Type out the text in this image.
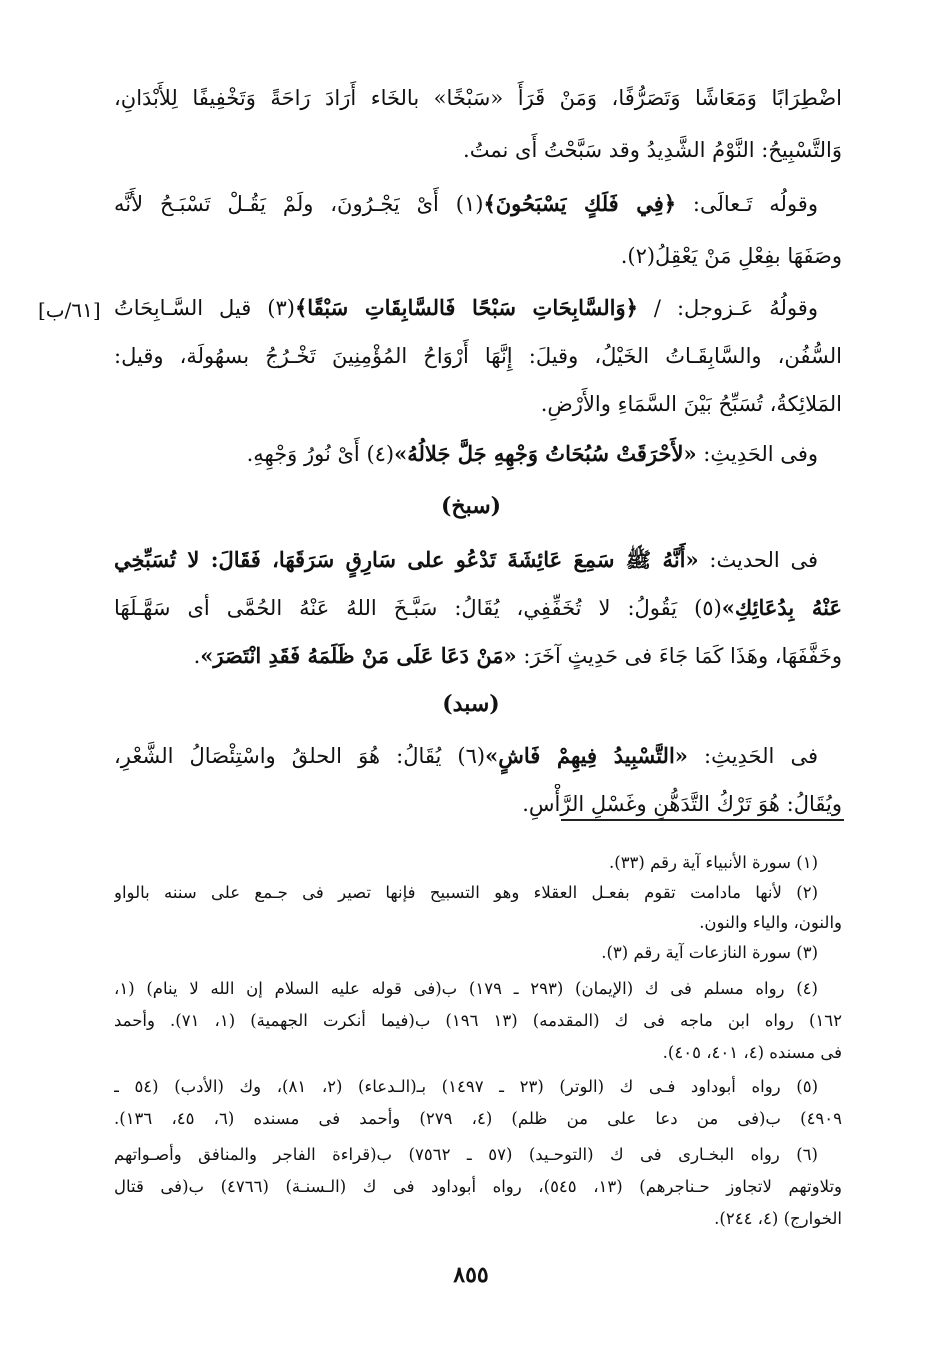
اضْطِرَابًا وَمَعَاشًا وَتَصَرُّفًا، وَمَنْ قَرَأَ «سَبْخًا» بالخَاء أَرَادَ رَاحَةً وَتَخْفِيفًا لِلأَبْدَانِ،
وَالتَّسْبِيحُ: النَّوْمُ الشَّدِيدُ وقد سَبَّحْتُ أَى نمتُ.
وقولُه تَـعالَى: ﴿فِي فَلَكٍ يَسْبَحُونَ﴾(١) أَىْ يَجْـرُونَ، ولَمْ يَقُـلْ تَسْبَـحُ لأَنَّه
وصَفَهَا بفِعْلِ مَنْ يَعْقِلُ(٢).
وقولُهُ عَـزوجل: / ﴿وَالسَّابِحَاتِ سَبْحًا فَالسَّابِقَاتِ سَبْقًا﴾(٣) قيل السَّـابِحَاتُ
[٦١/ب]
السُّفُن، والسَّابِقَـاتُ الخَيْلُ، وقيلَ: إِنَّهَا أَرْوَاحُ المُؤْمِنِينَ تَخْـرُجُ بسهُولَة، وقيل:
المَلائِكةُ، تُسَبِّحُ بَيْنَ السَّمَاءِ والأَرْضِ.
وفى الحَدِيثِ: «لأَحْرَقَتْ سُبُحَاتُ وَجْهِهِ جَلَّ جَلالُهُ»(٤) أَىْ نُورُ وَجْهِهِ.
(سبخ)
فى الحديث: «أَنَّهُ ﷺ سَمِعَ عَائِشَةَ تَدْعُو على سَارِقٍ سَرَقَهَا، فَقَالَ: لا تُسَبِّخِي
عَنْهُ بِدُعَائِكِ»(٥) يَقُولُ: لا تُخَفِّفِي، يُقَالُ: سَبَّـخَ اللهُ عَنْهُ الحُمَّى أى سَهَّـلَهَا
وخَفَّفَهَا، وهَذَا كَمَا جَاءَ فى حَدِيثٍ آخَرَ: «مَنْ دَعَا عَلَى مَنْ ظَلَمَهُ فَقَدِ انْتَصَرَ».
(سبد)
فى الحَدِيثِ: «التَّسْبِيدُ فِيهِمْ فَاشٍ»(٦) يُقَالُ: هُوَ الحلقُ واسْتِئْصَالُ الشَّعْرِ،
ويُقَالُ: هُوَ تَرْكُ التَّدَهُّنِ وغَسْلِ الرَّأْسِ.
(١) سورة الأنبياء آية رقم (٣٣).
(٢) لأنها مادامت تقوم بفعـل العقلاء وهو التسبيح فإنها تصير فى جـمع على سننه بالواو
والنون، والياء والنون.
(٣) سورة النازعات آية رقم (٣).
(٤) رواه مسلم فى ك (الإيمان) (٢٩٣ ـ ١٧٩) ب(فى قوله عليه السلام إن الله لا ينام) (١،
١٦٢) رواه ابن ماجه فى ك (المقدمه) (١٣ ١٩٦) ب(فيما أنكرت الجهمية) (١، ٧١). وأحمد
فى مسنده (٤، ٤٠١، ٤٠٥).
(٥) رواه أبوداود فـى ك (الوتر) (٢٣ ـ ١٤٩٧) بـ(الـدعاء) (٢، ٨١)، وك (الأدب) (٥٤ ـ
٤٩٠٩) ب(فى من دعا على من ظلم) (٤، ٢٧٩) وأحمد فى مسنده (٦، ٤٥، ١٣٦).
(٦) رواه البخـارى فى ك (التوحـيد) (٥٧ ـ ٧٥٦٢) ب(قراءة الفاجر والمنافق وأصـواتهم
وتلاوتهم لاتجاوز حـناجرهم) (١٣، ٥٤٥)، رواه أبوداود فى ك (الـسنـة) (٤٧٦٦) ب(فى قتال
الخوارج) (٤، ٢٤٤).
٨٥٥
